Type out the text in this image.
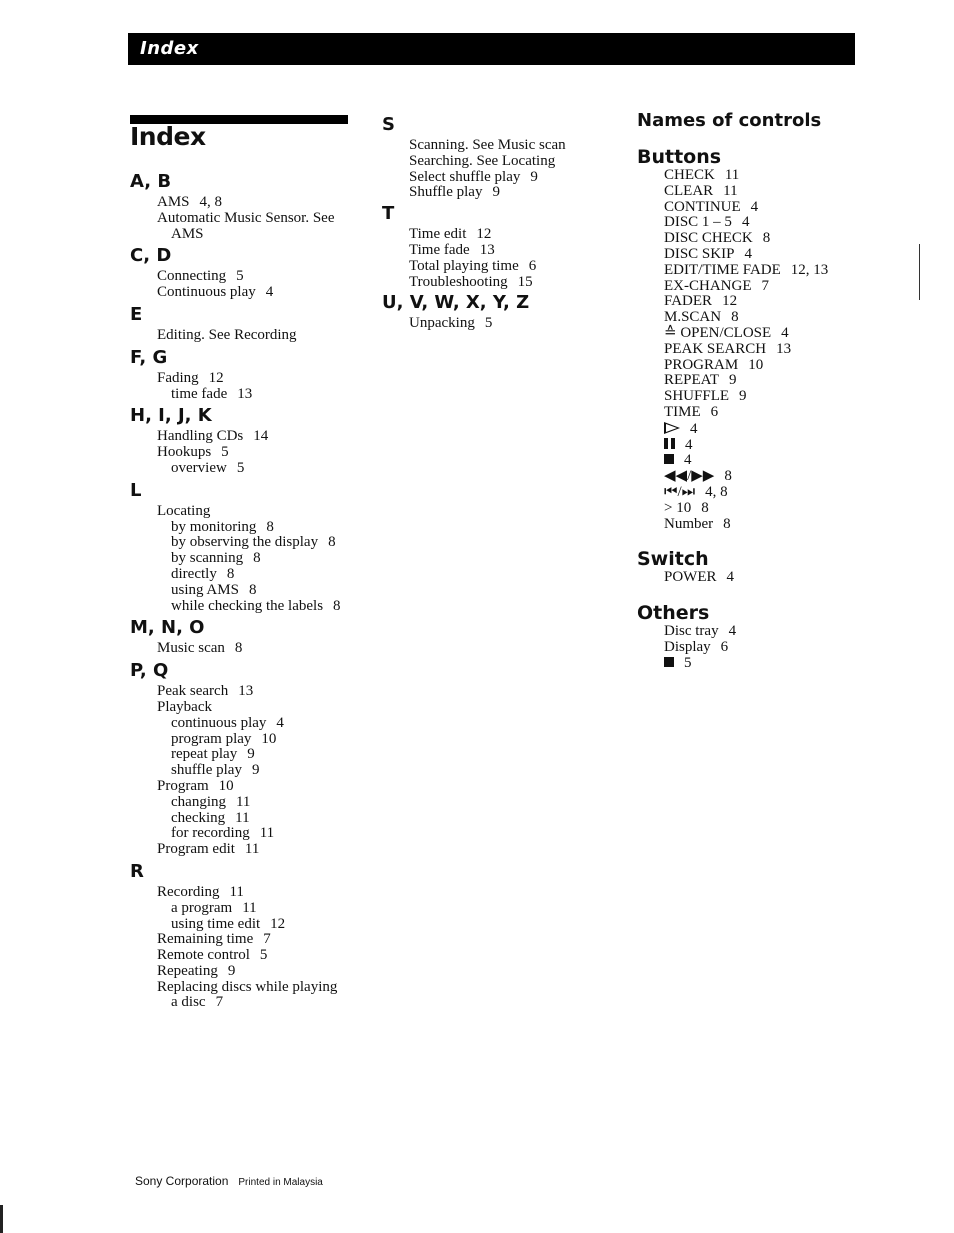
Index
Index
A, B
AMS 4, 8
Automatic Music Sensor. See
AMS
C, D
Connecting 5
Continuous play 4
E
Editing. See Recording
F, G
Fading 12
time fade 13
H, I, J, K
Handling CDs 14
Hookups 5
overview 5
L
Locating
by monitoring 8
by observing the display 8
by scanning 8
directly 8
using AMS 8
while checking the labels 8
M, N, O
Music scan 8
P, Q
Peak search 13
Playback
continuous play 4
program play 10
repeat play 9
shuffle play 9
Program 10
changing 11
checking 11
for recording 11
Program edit 11
R
Recording 11
a program 11
using time edit 12
Remaining time 7
Remote control 5
Repeating 9
Replacing discs while playing
a disc 7
S
Scanning. See Music scan
Searching. See Locating
Select shuffle play 9
Shuffle play 9
T
Time edit 12
Time fade 13
Total playing time 6
Troubleshooting 15
U, V, W, X, Y, Z
Unpacking 5
Names of controls
Buttons
CHECK 11
CLEAR 11
CONTINUE 4
DISC 1 – 5 4
DISC CHECK 8
DISC SKIP 4
EDIT/TIME FADE 12, 13
EX-CHANGE 7
FADER 12
M.SCAN 8
≙ OPEN/CLOSE 4
PEAK SEARCH 13
PROGRAM 10
REPEAT 9
SHUFFLE 9
TIME 6
4
4
4
◀◀/▶▶ 8
⏮/⏭ 4, 8
> 10 8
Number 8
Switch
POWER 4
Others
Disc tray 4
Display 6
5
Sony Corporation Printed in Malaysia
